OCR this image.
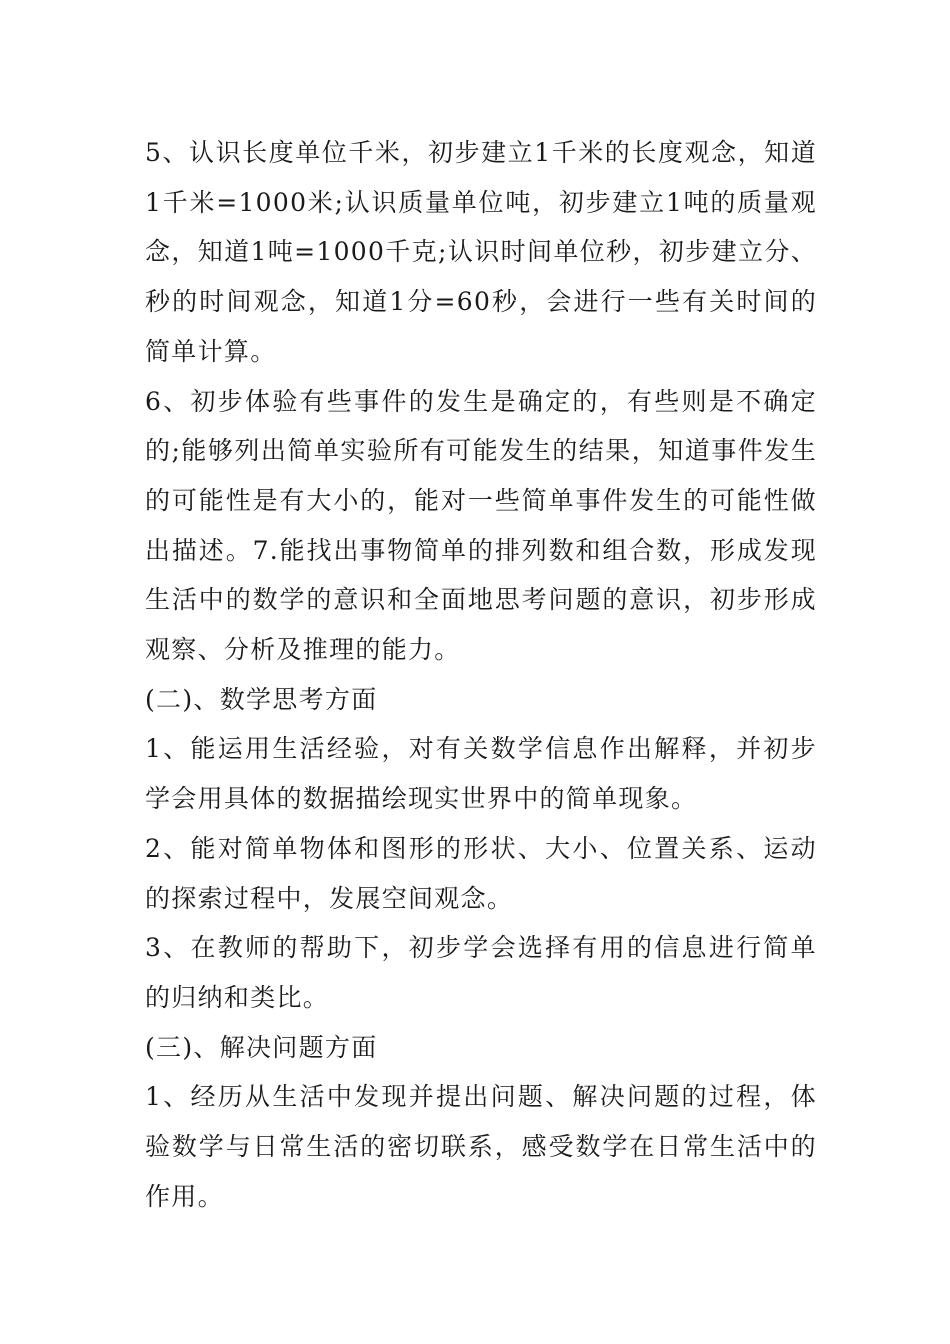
5、认识长度单位千米，初步建立1千米的长度观念，知道1千米=1000米;认识质量单位吨，初步建立1吨的质量观念，知道1吨=1000千克;认识时间单位秒，初步建立分、秒的时间观念，知道1分=60秒，会进行一些有关时间的简单计算。

6、初步体验有些事件的发生是确定的，有些则是不确定的;能够列出简单实验所有可能发生的结果，知道事件发生的可能性是有大小的，能对一些简单事件发生的可能性做出描述。7.能找出事物简单的排列数和组合数，形成发现生活中的数学的意识和全面地思考问题的意识，初步形成观察、分析及推理的能力。

(二)、数学思考方面

1、能运用生活经验，对有关数学信息作出解释，并初步学会用具体的数据描绘现实世界中的简单现象。

2、能对简单物体和图形的形状、大小、位置关系、运动的探索过程中，发展空间观念。

3、在教师的帮助下，初步学会选择有用的信息进行简单的归纳和类比。

(三)、解决问题方面

1、经历从生活中发现并提出问题、解决问题的过程，体验数学与日常生活的密切联系，感受数学在日常生活中的作用。
